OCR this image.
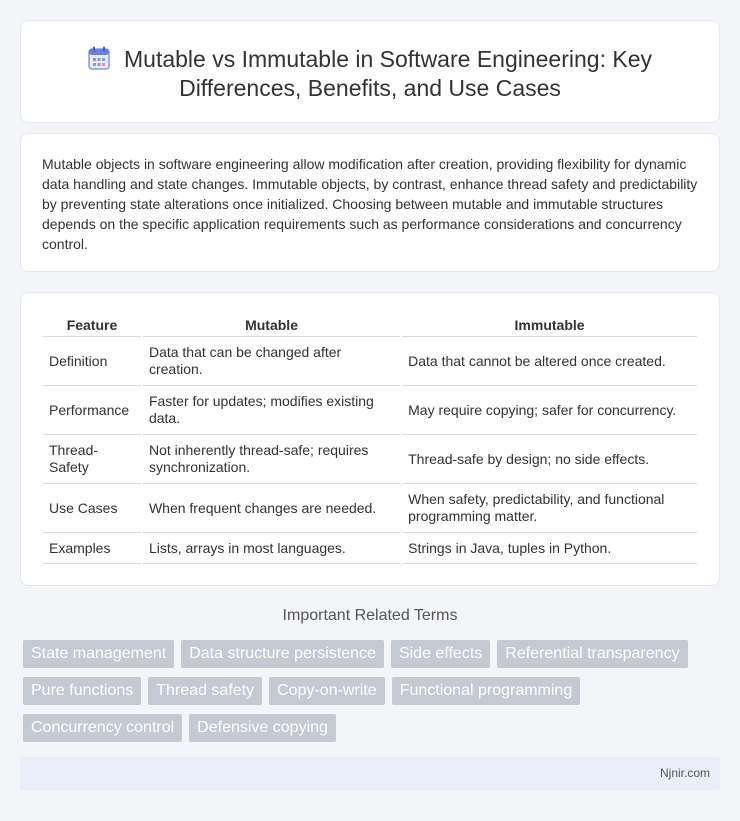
Mutable vs Immutable in Software Engineering: Key
Differences, Benefits, and Use Cases

Mutable objects in software engineering allow modification after creation, providing flexibility for dynamic data handling and state changes. Immutable objects, by contrast, enhance thread safety and predictability by preventing state alterations once initialized. Choosing between mutable and immutable structures depends on the specific application requirements such as performance considerations and concurrency control.

Feature	Mutable	Immutable
Definition	Data that can be changed after creation.	Data that cannot be altered once created.
Performance	Faster for updates; modifies existing data.	May require copying; safer for concurrency.
Thread-Safety	Not inherently thread-safe; requires synchronization.	Thread-safe by design; no side effects.
Use Cases	When frequent changes are needed.	When safety, predictability, and functional programming matter.
Examples	Lists, arrays in most languages.	Strings in Java, tuples in Python.
Important Related Terms
State management	Data structure persistence	Side effects	Referential transparency
Pure functions	Thread safety	Copy-on-write	Functional programming
Concurrency control	Defensive copying
Njnir.com
